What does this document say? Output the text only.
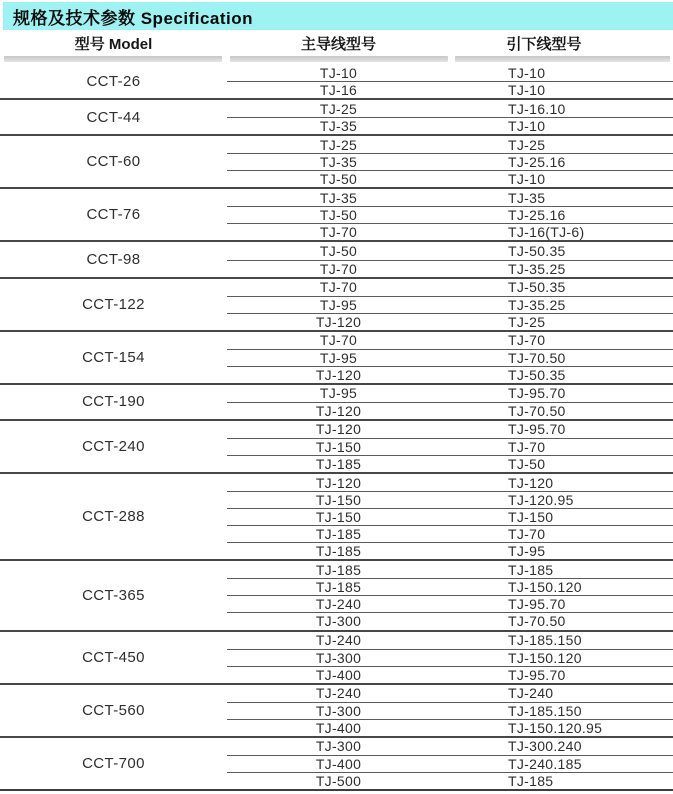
规格及技术参数 Specification
型号 Model	主导线型号	引下线型号
CCT-26
TJ-10	TJ-10
TJ-16	TJ-10
CCT-44
TJ-25	TJ-16.10
TJ-35	TJ-10
CCT-60
TJ-25	TJ-25
TJ-35	TJ-25.16
TJ-50	TJ-10
CCT-76
TJ-35	TJ-35
TJ-50	TJ-25.16
TJ-70	TJ-16(TJ-6)
CCT-98
TJ-50	TJ-50.35
TJ-70	TJ-35.25
CCT-122
TJ-70	TJ-50.35
TJ-95	TJ-35.25
TJ-120	TJ-25
CCT-154
TJ-70	TJ-70
TJ-95	TJ-70.50
TJ-120	TJ-50.35
CCT-190
TJ-95	TJ-95.70
TJ-120	TJ-70.50
CCT-240
TJ-120	TJ-95.70
TJ-150	TJ-70
TJ-185	TJ-50
CCT-288
TJ-120	TJ-120
TJ-150	TJ-120.95
TJ-150	TJ-150
TJ-185	TJ-70
TJ-185	TJ-95
CCT-365
TJ-185	TJ-185
TJ-185	TJ-150.120
TJ-240	TJ-95.70
TJ-300	TJ-70.50
CCT-450
TJ-240	TJ-185.150
TJ-300	TJ-150.120
TJ-400	TJ-95.70
CCT-560
TJ-240	TJ-240
TJ-300	TJ-185.150
TJ-400	TJ-150.120.95
CCT-700
TJ-300	TJ-300.240
TJ-400	TJ-240.185
TJ-500	TJ-185
